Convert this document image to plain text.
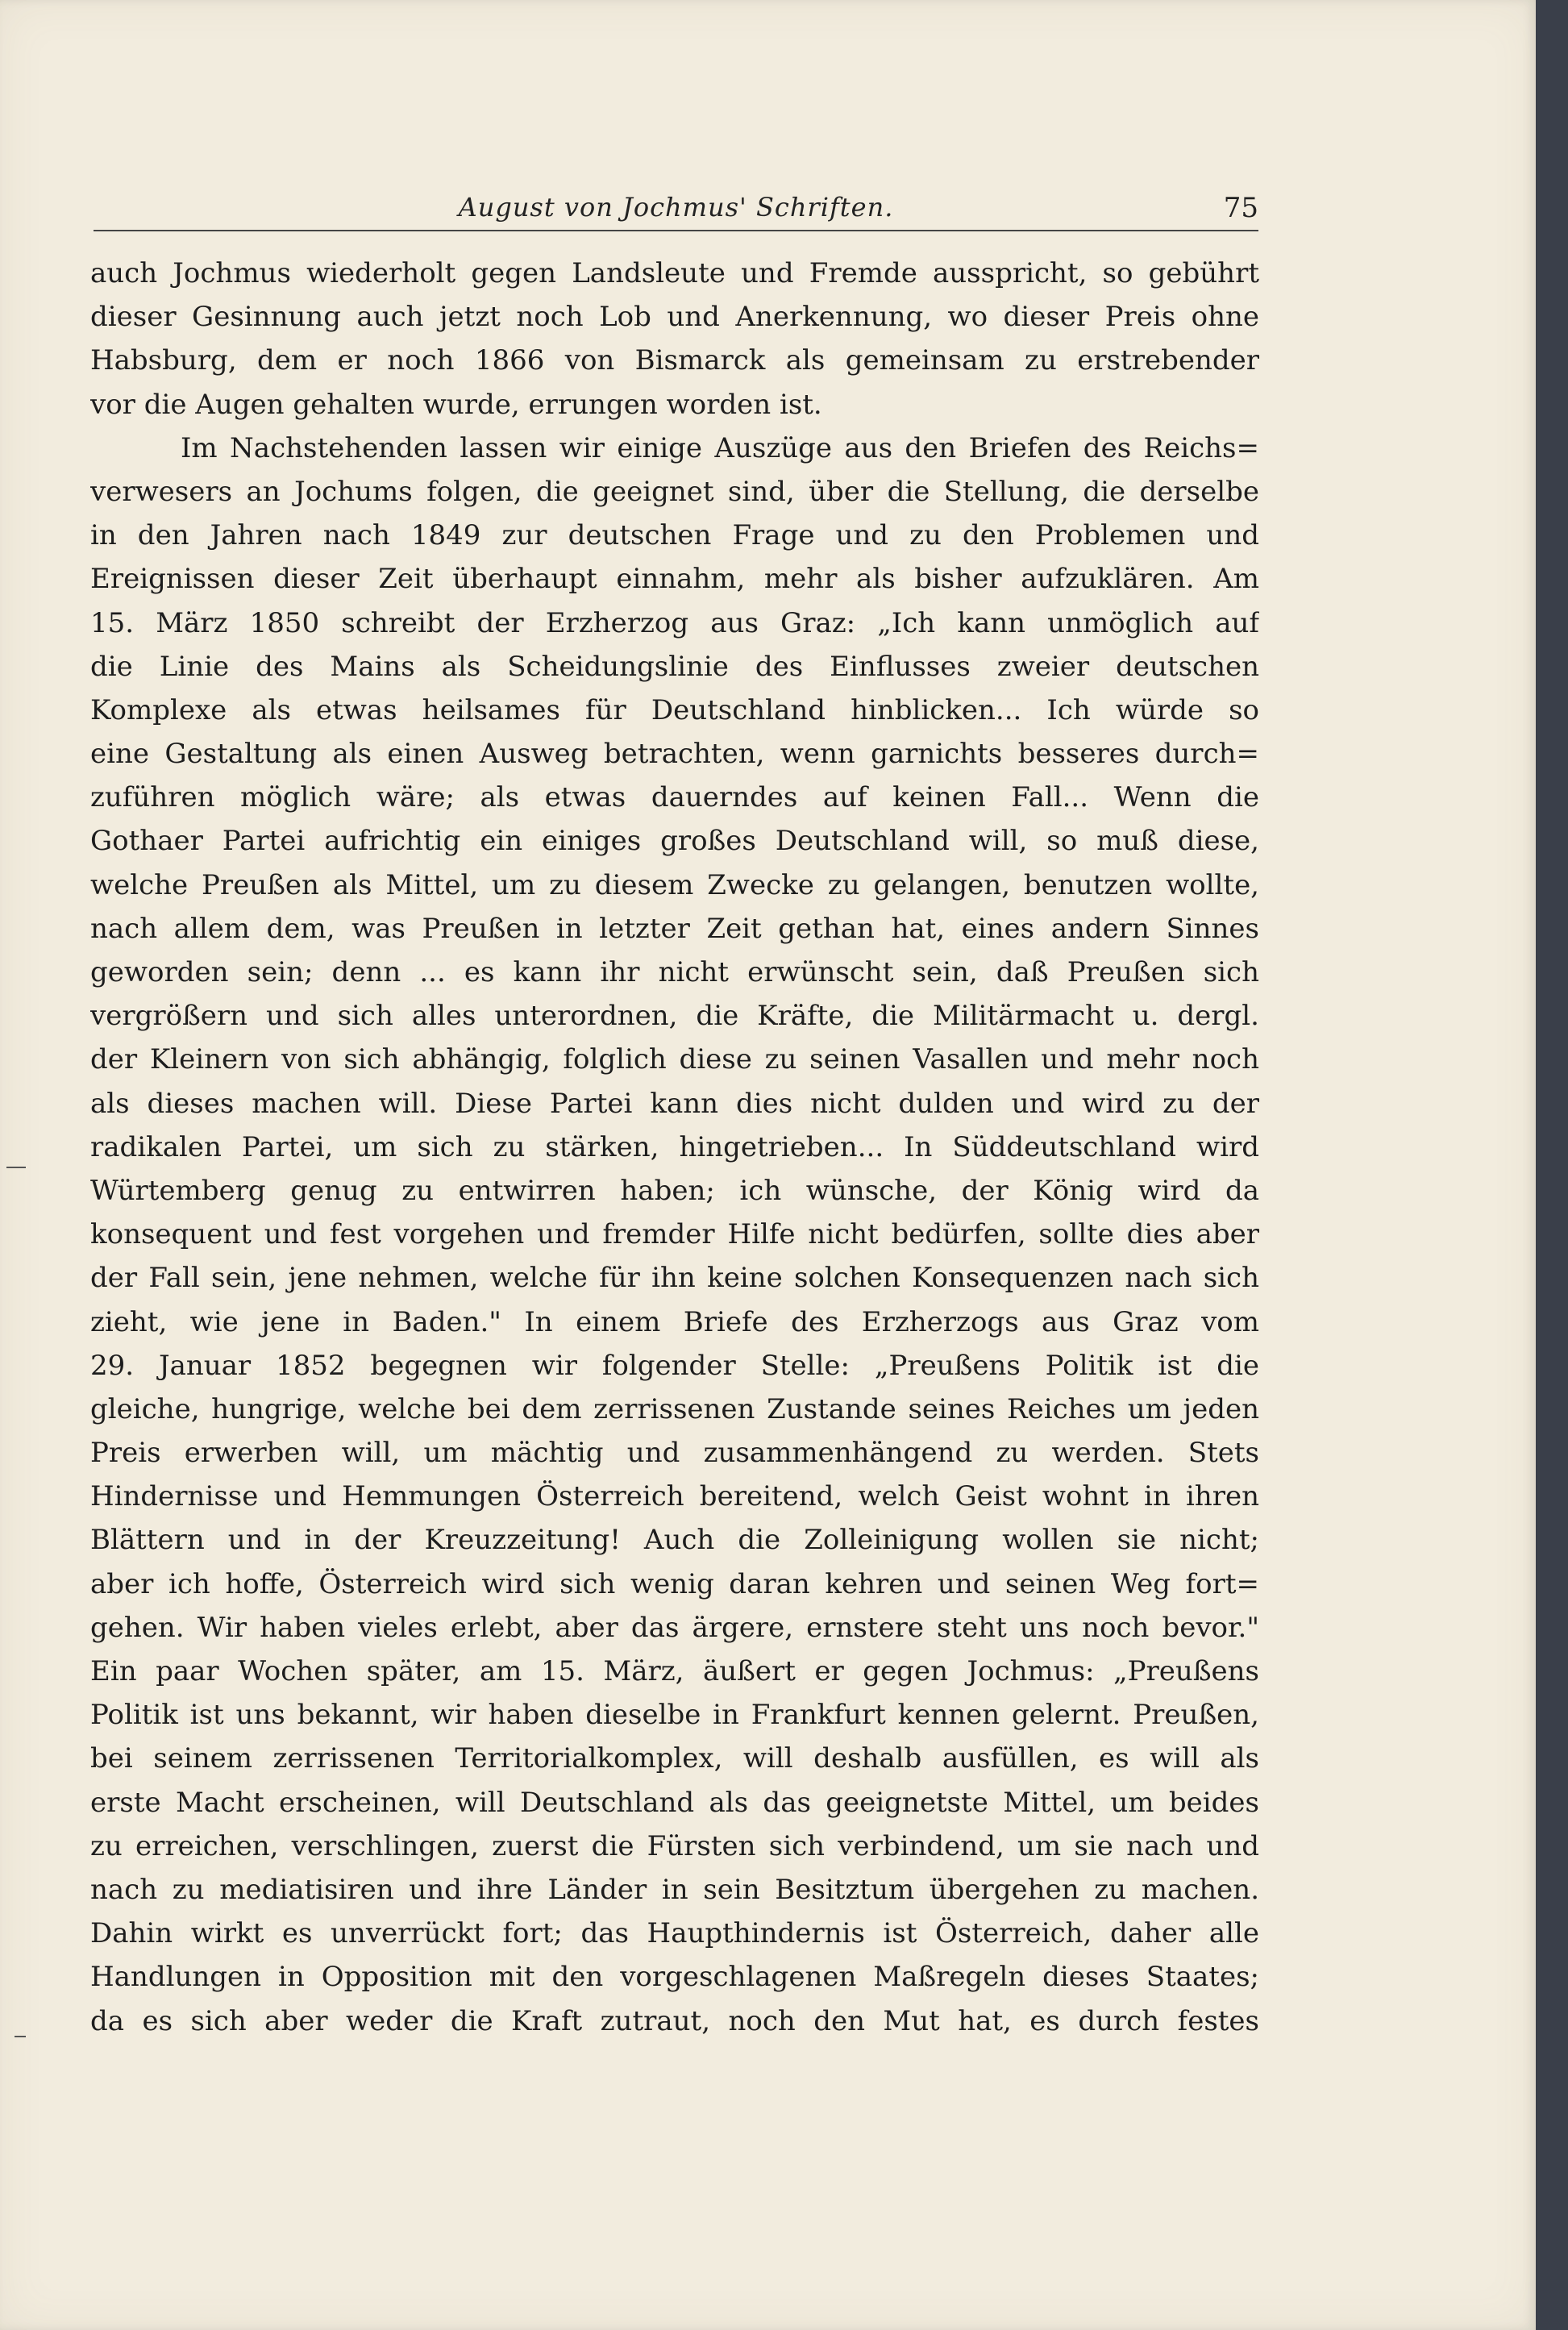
August von Jochmus' Schriften.	75
auch Jochmus wiederholt gegen Landsleute und Fremde ausspricht, so gebührt
dieser Gesinnung auch jetzt noch Lob und Anerkennung, wo dieser Preis ohne
Habsburg, dem er noch 1866 von Bismarck als gemeinsam zu erstrebender
vor die Augen gehalten wurde, errungen worden ist.
Im Nachstehenden lassen wir einige Auszüge aus den Briefen des Reichs=
verwesers an Jochums folgen, die geeignet sind, über die Stellung, die derselbe
in den Jahren nach 1849 zur deutschen Frage und zu den Problemen und
Ereignissen dieser Zeit überhaupt einnahm, mehr als bisher aufzuklären. Am
15. März 1850 schreibt der Erzherzog aus Graz: „Ich kann unmöglich auf
die Linie des Mains als Scheidungslinie des Einflusses zweier deutschen
Komplexe als etwas heilsames für Deutschland hinblicken... Ich würde so
eine Gestaltung als einen Ausweg betrachten, wenn garnichts besseres durch=
zuführen möglich wäre; als etwas dauerndes auf keinen Fall... Wenn die
Gothaer Partei aufrichtig ein einiges großes Deutschland will, so muß diese,
welche Preußen als Mittel, um zu diesem Zwecke zu gelangen, benutzen wollte,
nach allem dem, was Preußen in letzter Zeit gethan hat, eines andern Sinnes
geworden sein; denn ... es kann ihr nicht erwünscht sein, daß Preußen sich
vergrößern und sich alles unterordnen, die Kräfte, die Militärmacht u. dergl.
der Kleinern von sich abhängig, folglich diese zu seinen Vasallen und mehr noch
als dieses machen will. Diese Partei kann dies nicht dulden und wird zu der
radikalen Partei, um sich zu stärken, hingetrieben... In Süddeutschland wird
Würtemberg genug zu entwirren haben; ich wünsche, der König wird da
konsequent und fest vorgehen und fremder Hilfe nicht bedürfen, sollte dies aber
der Fall sein, jene nehmen, welche für ihn keine solchen Konsequenzen nach sich
zieht, wie jene in Baden." In einem Briefe des Erzherzogs aus Graz vom
29. Januar 1852 begegnen wir folgender Stelle: „Preußens Politik ist die
gleiche, hungrige, welche bei dem zerrissenen Zustande seines Reiches um jeden
Preis erwerben will, um mächtig und zusammenhängend zu werden. Stets
Hindernisse und Hemmungen Österreich bereitend, welch Geist wohnt in ihren
Blättern und in der Kreuzzeitung! Auch die Zolleinigung wollen sie nicht;
aber ich hoffe, Österreich wird sich wenig daran kehren und seinen Weg fort=
gehen. Wir haben vieles erlebt, aber das ärgere, ernstere steht uns noch bevor."
Ein paar Wochen später, am 15. März, äußert er gegen Jochmus: „Preußens
Politik ist uns bekannt, wir haben dieselbe in Frankfurt kennen gelernt. Preußen,
bei seinem zerrissenen Territorialkomplex, will deshalb ausfüllen, es will als
erste Macht erscheinen, will Deutschland als das geeignetste Mittel, um beides
zu erreichen, verschlingen, zuerst die Fürsten sich verbindend, um sie nach und
nach zu mediatisiren und ihre Länder in sein Besitztum übergehen zu machen.
Dahin wirkt es unverrückt fort; das Haupthindernis ist Österreich, daher alle
Handlungen in Opposition mit den vorgeschlagenen Maßregeln dieses Staates;
da es sich aber weder die Kraft zutraut, noch den Mut hat, es durch festes
